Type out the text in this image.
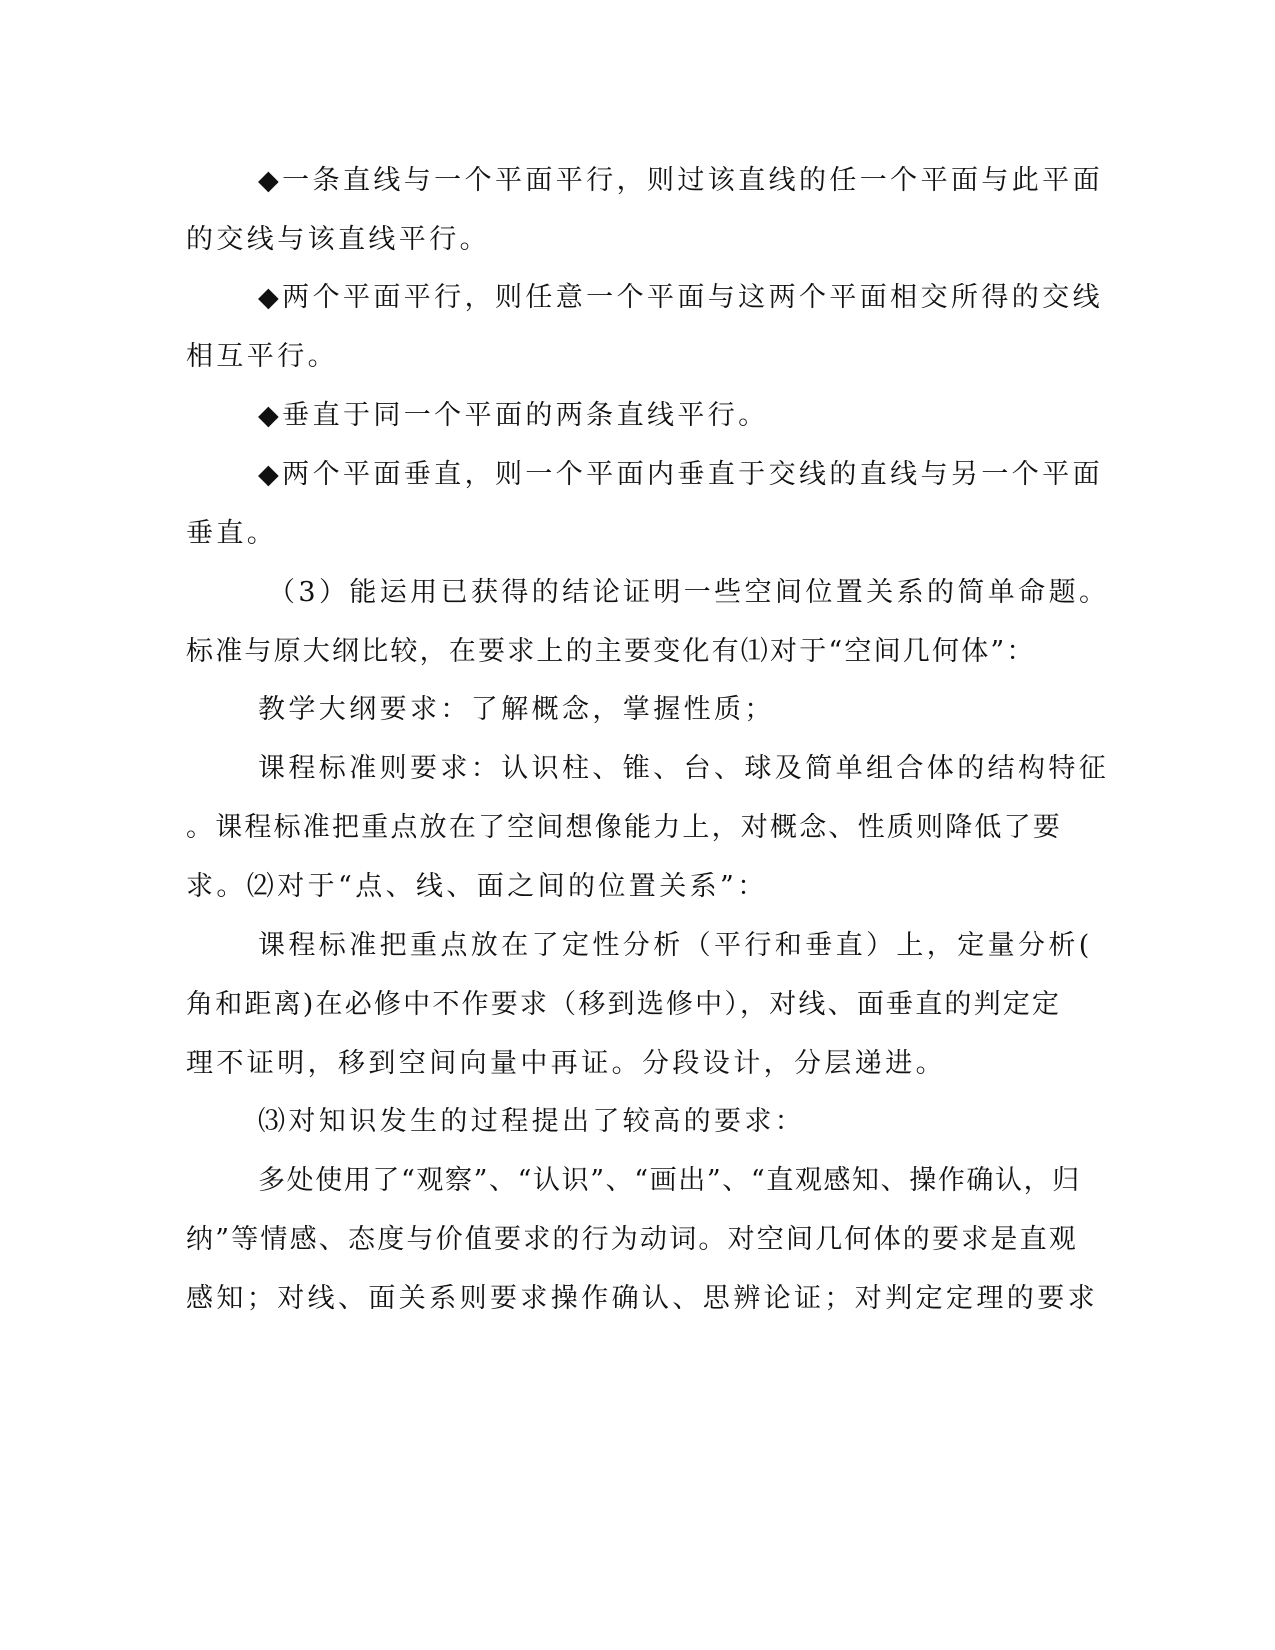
◆一条直线与一个平面平行，则过该直线的任一个平面与此平面
的交线与该直线平行。
◆两个平面平行，则任意一个平面与这两个平面相交所得的交线
相互平行。
◆垂直于同一个平面的两条直线平行。
◆两个平面垂直，则一个平面内垂直于交线的直线与另一个平面
垂直。
（3）能运用已获得的结论证明一些空间位置关系的简单命题。
标准与原大纲比较，在要求上的主要变化有⑴对于“空间几何体”：
教学大纲要求：了解概念，掌握性质；
课程标准则要求：认识柱、锥、台、球及简单组合体的结构特征
。课程标准把重点放在了空间想像能力上，对概念、性质则降低了要
求。⑵对于“点、线、面之间的位置关系”：
课程标准把重点放在了定性分析（平行和垂直）上，定量分析(
角和距离)在必修中不作要求（移到选修中），对线、面垂直的判定定
理不证明，移到空间向量中再证。分段设计，分层递进。
⑶对知识发生的过程提出了较高的要求：
多处使用了“观察”、“认识”、“画出”、“直观感知、操作确认，归
纳”等情感、态度与价值要求的行为动词。对空间几何体的要求是直观
感知；对线、面关系则要求操作确认、思辨论证；对判定定理的要求
